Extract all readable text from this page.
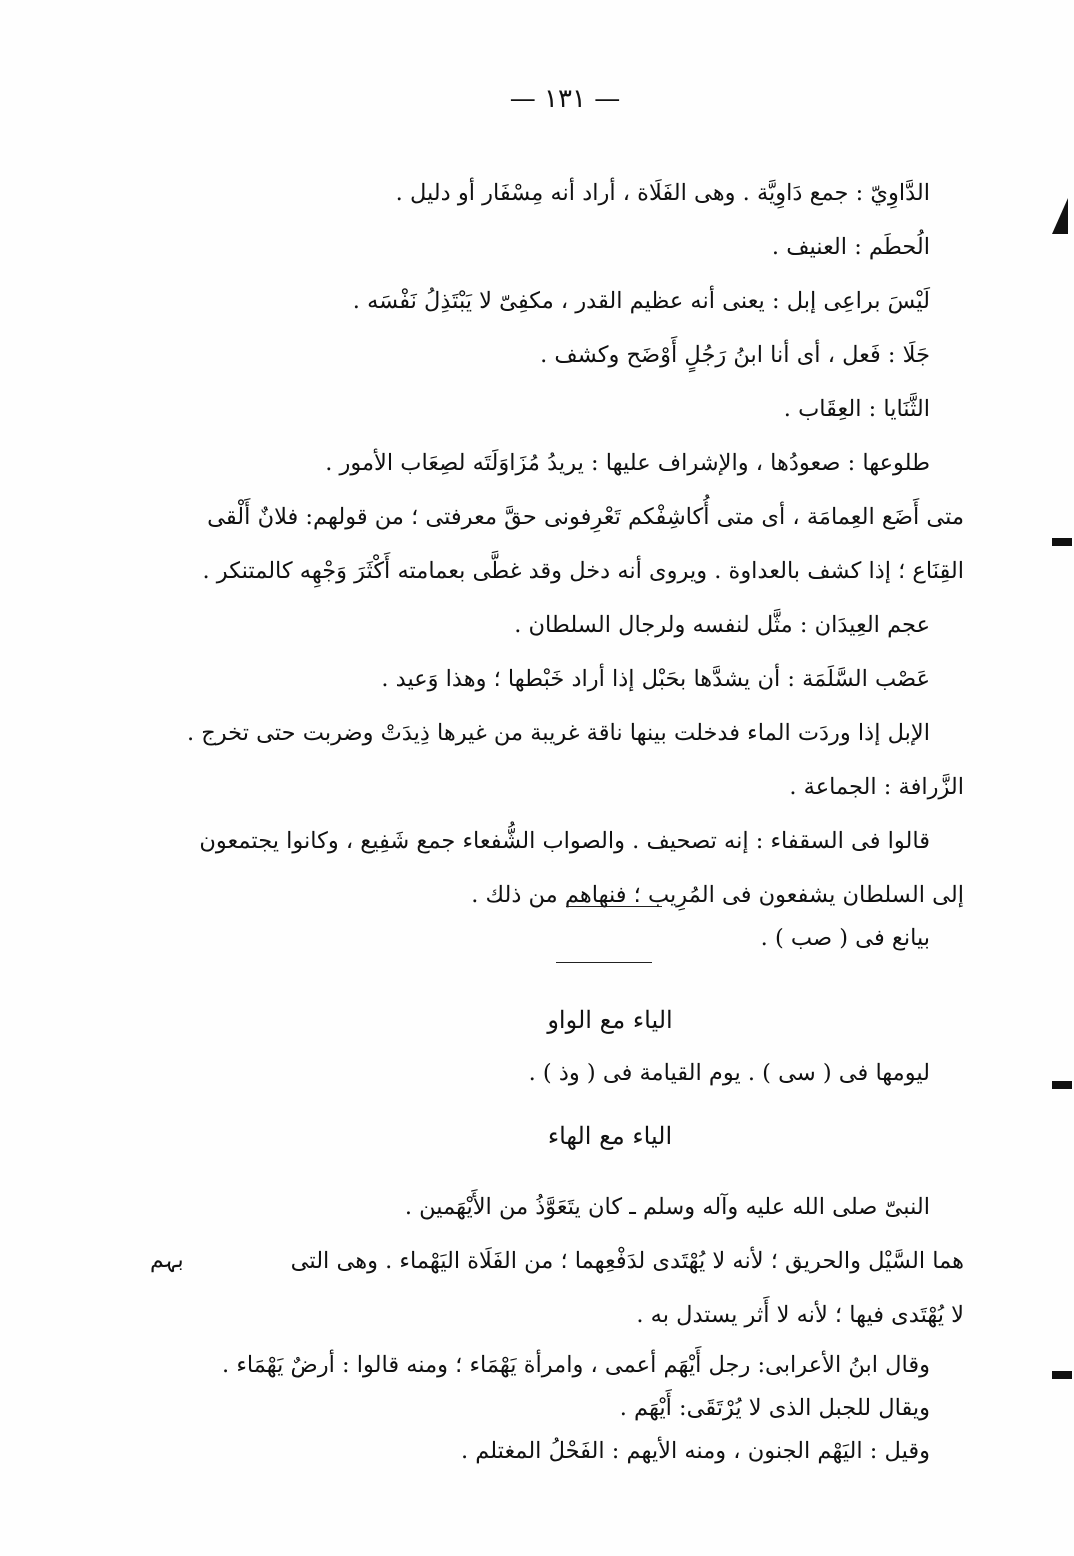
— ١٣١ —
الدَّاوِيّ : جمع دَاوِيَّة . وهى الفَلَاة ، أراد أنه مِسْفَار أو دليل .
الُحطَم : العنيف .
لَيْسَ براعِى إبل : يعنى أنه عظيم القدر ، مكفِىّ لا يَبْتَذِلُ نَفْسَه .
جَلَا : فَعل ، أى أنا ابنُ رَجُلٍ أَوْضَح وكشف .
الثَّنَايا : العِقَاب .
طلوعها : صعودُها ، والإشراف عليها : يريدُ مُزَاوَلَتَه لصِعَاب الأمور .
متى أَضَع العِمامَة ، أى متى أُكاشِفْكم تَعْرِفونى حقَّ معرفتى ؛ من قولهم: فلانٌ أَلْقى
القِنَاع ؛ إذا كشف بالعداوة . ويروى أنه دخل وقد غطَّى بعمامته أَكْثَرَ وَجْهِه كالمتنكر .
عجم العِيدَان : مثَّل لنفسه ولرجال السلطان .
عَصْب السَّلَمَة : أن يشدَّها بحَبْل إذا أراد خَبْطها ؛ وهذا وَعيد .
الإبل إذا وردَت الماء فدخلت بينها ناقة غريبة من غيرها ذِيدَتْ وضربت حتى تخرج .
الزَّرافة : الجماعة .
قالوا فى السقفاء : إنه تصحيف . والصواب الشُّفعاء جمع شَفِيع ، وكانوا يجتمعون
إلى السلطان يشفعون فى المُرِيب ؛ فنهاهم من ذلك .
بيانع فى ( صب ) .
الياء مع الواو
ليومها فى ( سى ) . يوم القيامة فى ( وذ ) .
الياء مع الهاء
النبىّ صلى الله عليه وآله وسلم ـ كان يتَعَوَّذُ من الأَيْهَمين .
هما السَّيْل والحريق ؛ لأنه لا يُهْتَدى لدَفْعِهما ؛ من الفَلَاة اليَهْماء . وهى التى
لا يُهْتَدى فيها ؛ لأنه لا أَثر يستدل به .
وقال ابنُ الأعرابى: رجل أَيْهَم أعمى ، وامرأة يَهْمَاء ؛ ومنه قالوا : أرضٌ يَهْمَاء .
ويقال للجبل الذى لا يُرْتَقَى: أَيْهَم .
وقيل : اليَهْم الجنون ، ومنه الأيهم : الفَحْلُ المغتلم .
بہم
